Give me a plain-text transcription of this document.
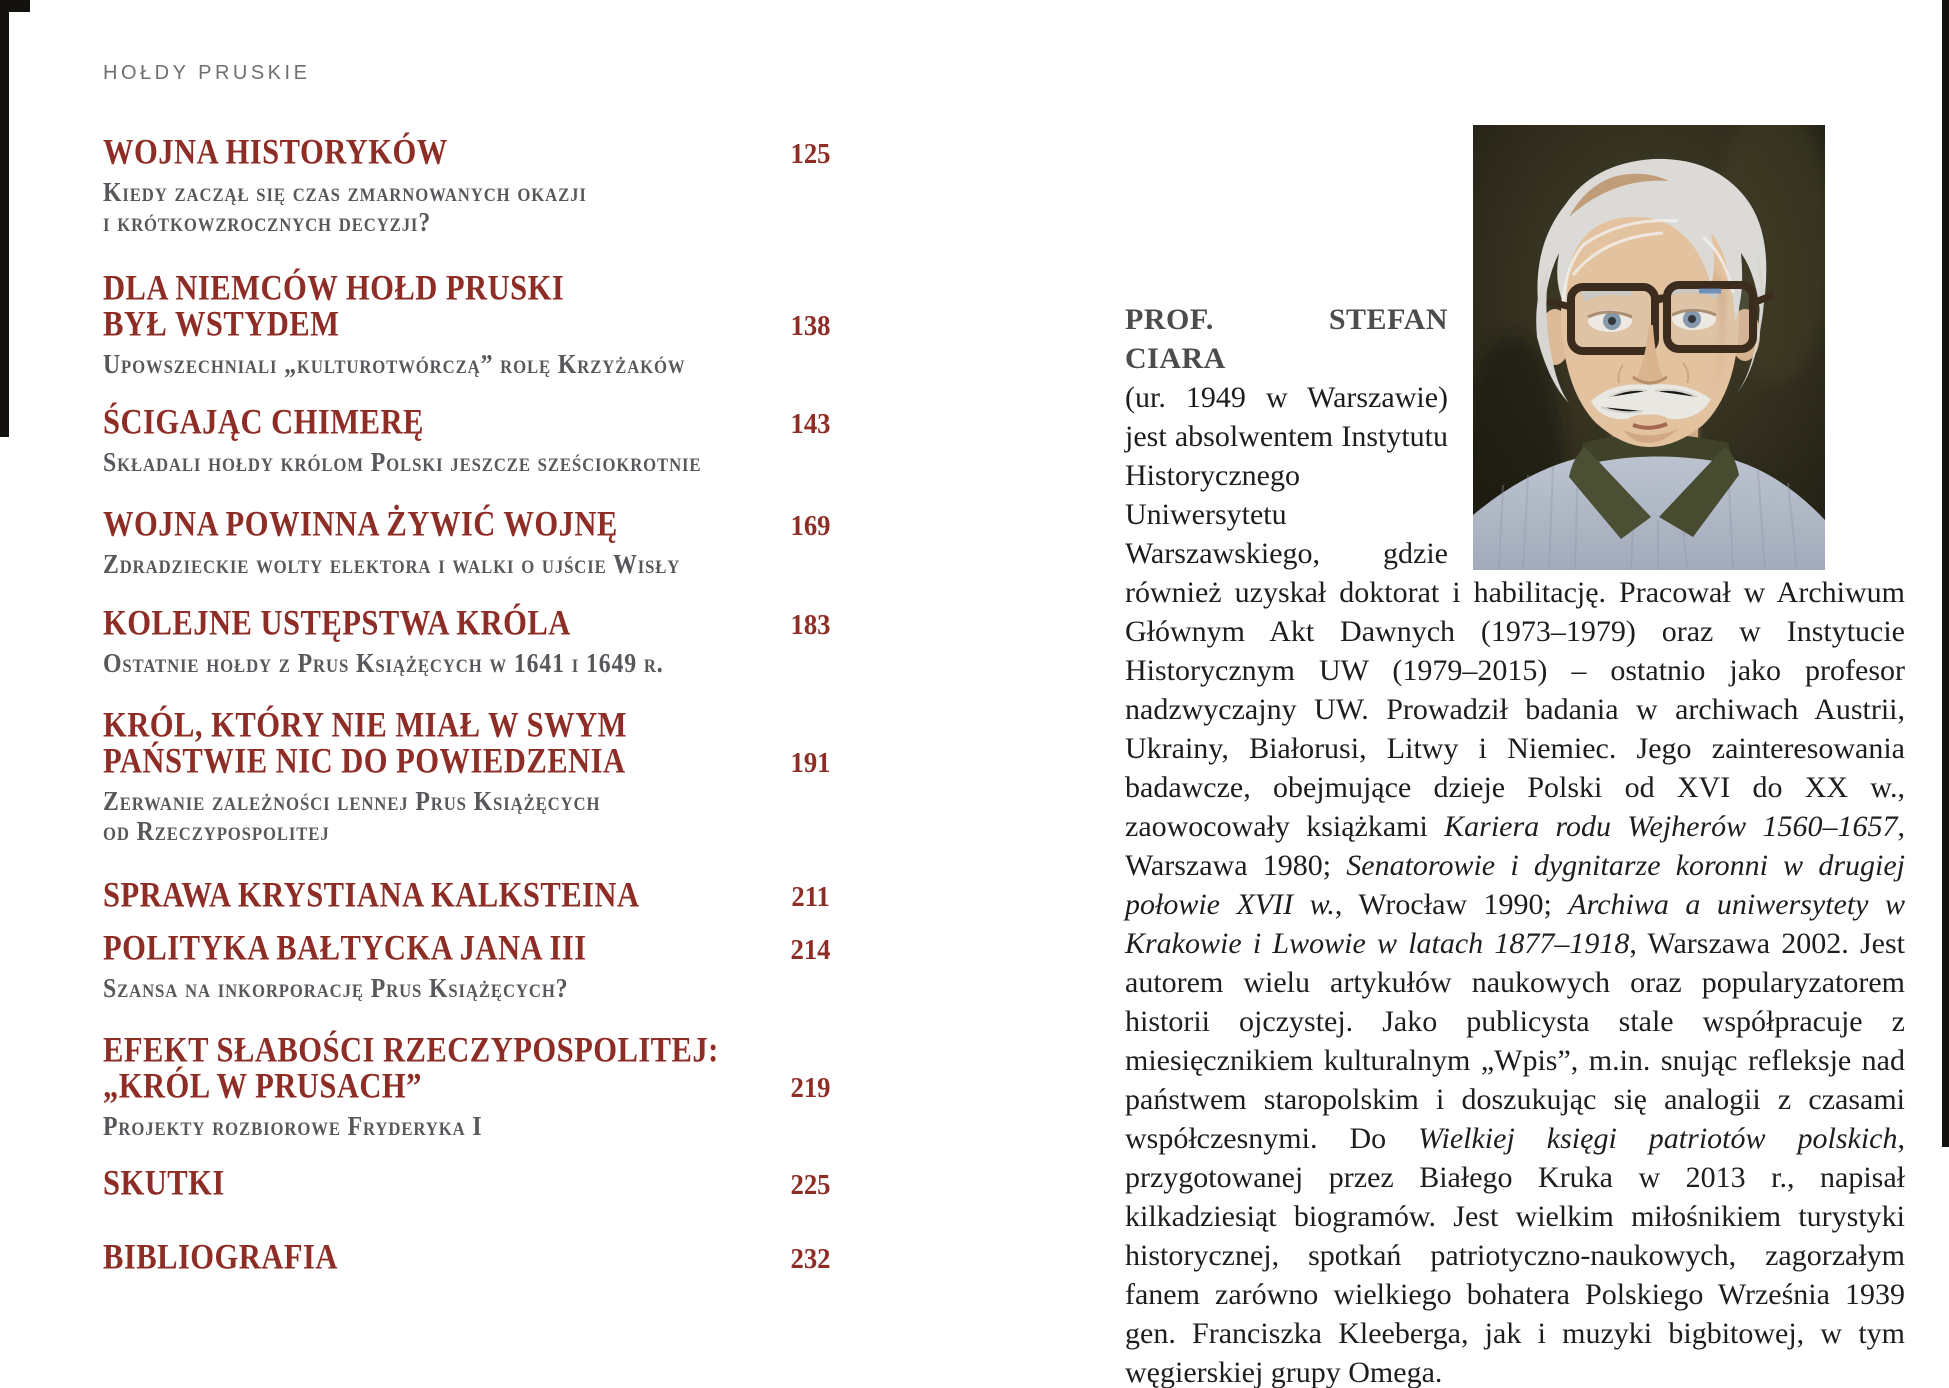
HOŁDY PRUSKIE
WOJNA HISTORYKÓW	125
Kiedy zaczął się czas zmarnowanych okazji
i krótkowzrocznych decyzji?
DLA NIEMCÓW HOŁD PRUSKI
BYŁ WSTYDEM	138
Upowszechniali „kulturotwórczą” rolę Krzyżaków
ŚCIGAJĄC CHIMERĘ	143
Składali hołdy królom Polski jeszcze sześciokrotnie
WOJNA POWINNA ŻYWIĆ WOJNĘ	169
Zdradzieckie wolty elektora i walki o ujście Wisły
KOLEJNE USTĘPSTWA KRÓLA	183
Ostatnie hołdy z Prus Książęcych w 1641 i 1649 r.
KRÓL, KTÓRY NIE MIAŁ W SWYM
PAŃSTWIE NIC DO POWIEDZENIA	191
Zerwanie zależności lennej Prus Książęcych
od Rzeczypospolitej
SPRAWA KRYSTIANA KALKSTEINA	211
POLITYKA BAŁTYCKA JANA III	214
Szansa na inkorporację Prus Książęcych?
EFEKT SŁABOŚCI RZECZYPOSPOLITEJ:
„KRÓL W PRUSACH”	219
Projekty rozbiorowe Fryderyka I
SKUTKI	225
BIBLIOGRAFIA	232
PROF. STEFAN CIARA

(ur. 1949 w Warszawie) jest absolwentem Instytutu Historycznego Uniwersytetu Warszawskiego, gdzie również uzyskał doktorat i habilitację. Pracował w Archiwum Głównym Akt Dawnych (1973–1979) oraz w Instytucie Historycznym UW (1979–2015) – ostatnio jako profesor nadzwyczajny UW. Prowadził badania w archiwach Austrii, Ukrainy, Białorusi, Litwy i Niemiec. Jego zainteresowania badawcze, obejmujące dzieje Polski od XVI do XX w., zaowocowały książkami Kariera rodu Wejherów 1560–1657, Warszawa 1980; Senatorowie i dygnitarze koronni w drugiej połowie XVII w., Wrocław 1990; Archiwa a uniwersytety w Krakowie i Lwowie w latach 1877–1918, Warszawa 2002. Jest autorem wielu artykułów naukowych oraz popularyzatorem historii ojczystej. Jako publicysta stale współpracuje z miesięcznikiem kulturalnym „Wpis”, m.in. snując refleksje nad państwem staropolskim i doszukując się analogii z czasami współczesnymi. Do Wielkiej księgi patriotów polskich, przygotowanej przez Białego Kruka w 2013 r., napisał kilkadziesiąt biogramów. Jest wielkim miłośnikiem turystyki historycznej, spotkań patriotyczno-naukowych, zagorzałym fanem zarówno wielkiego bohatera Polskiego Września 1939 gen. Franciszka Kleeberga, jak i muzyki bigbitowej, w tym węgierskiej grupy Omega.
